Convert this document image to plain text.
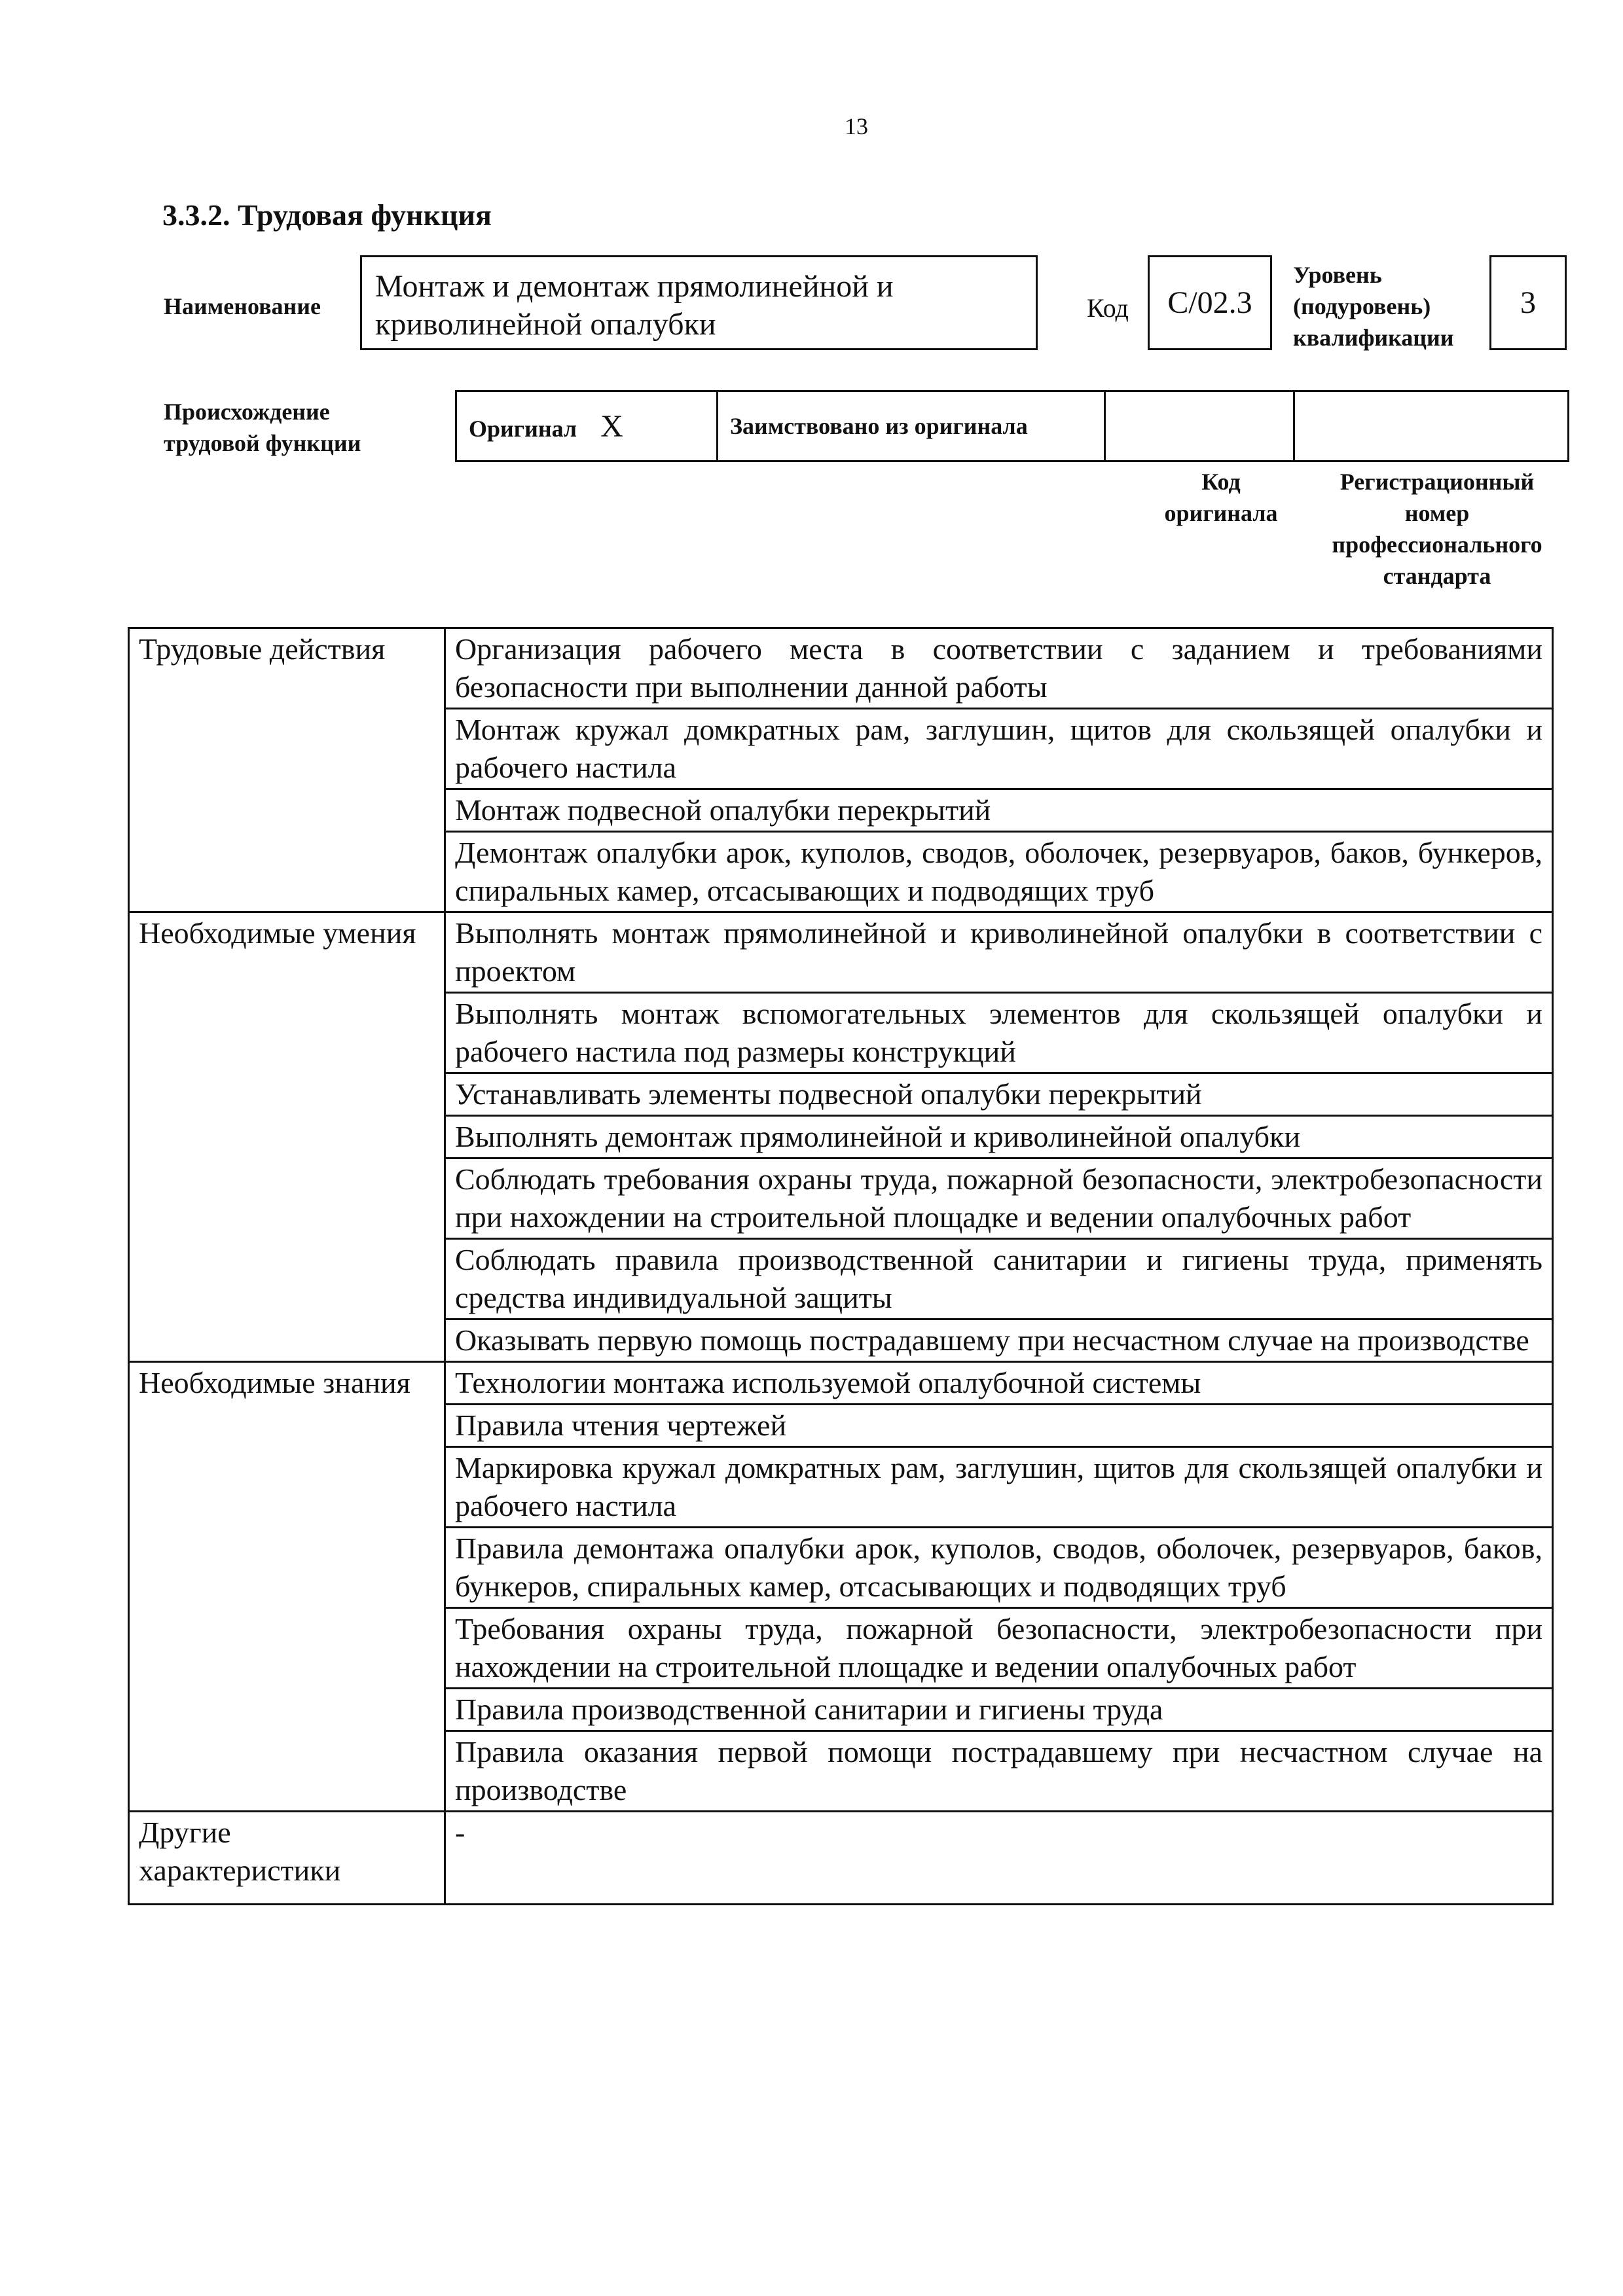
13
3.3.2. Трудовая функция
Наименование
Монтаж и демонтаж прямолинейной и криволинейной опалубки	Код	C/02.3
Уровень
(подуровень)
квалификации
3
Происхождение
трудовой функции
Оригинал X	Заимствовано из оригинала		
Код
оригинала
Регистрационный
номер
профессионального
стандарта
Трудовые действия	Организация рабочего места в соответствии с заданием и требованиями безопасности при выполнении данной работы
	Монтаж кружал домкратных рам, заглушин, щитов для скользящей опалубки и рабочего настила
	Монтаж подвесной опалубки перекрытий
	Демонтаж опалубки арок, куполов, сводов, оболочек, резервуаров, баков, бункеров, спиральных камер, отсасывающих и подводящих труб
Необходимые умения	Выполнять монтаж прямолинейной и криволинейной опалубки в соответствии с проектом
	Выполнять монтаж вспомогательных элементов для скользящей опалубки и рабочего настила под размеры конструкций
	Устанавливать элементы подвесной опалубки перекрытий
	Выполнять демонтаж прямолинейной и криволинейной опалубки
	Соблюдать требования охраны труда, пожарной безопасности, электробезопасности при нахождении на строительной площадке и ведении опалубочных работ
	Соблюдать правила производственной санитарии и гигиены труда, применять средства индивидуальной защиты
	Оказывать первую помощь пострадавшему при несчастном случае на производстве
Необходимые знания	Технологии монтажа используемой опалубочной системы
	Правила чтения чертежей
	Маркировка кружал домкратных рам, заглушин, щитов для скользящей опалубки и рабочего настила
	Правила демонтажа опалубки арок, куполов, сводов, оболочек, резервуаров, баков, бункеров, спиральных камер, отсасывающих и подводящих труб
	Требования охраны труда, пожарной безопасности, электробезопасности при нахождении на строительной площадке и ведении опалубочных работ
	Правила производственной санитарии и гигиены труда
	Правила оказания первой помощи пострадавшему при несчастном случае на производстве
Другие характеристики	-
